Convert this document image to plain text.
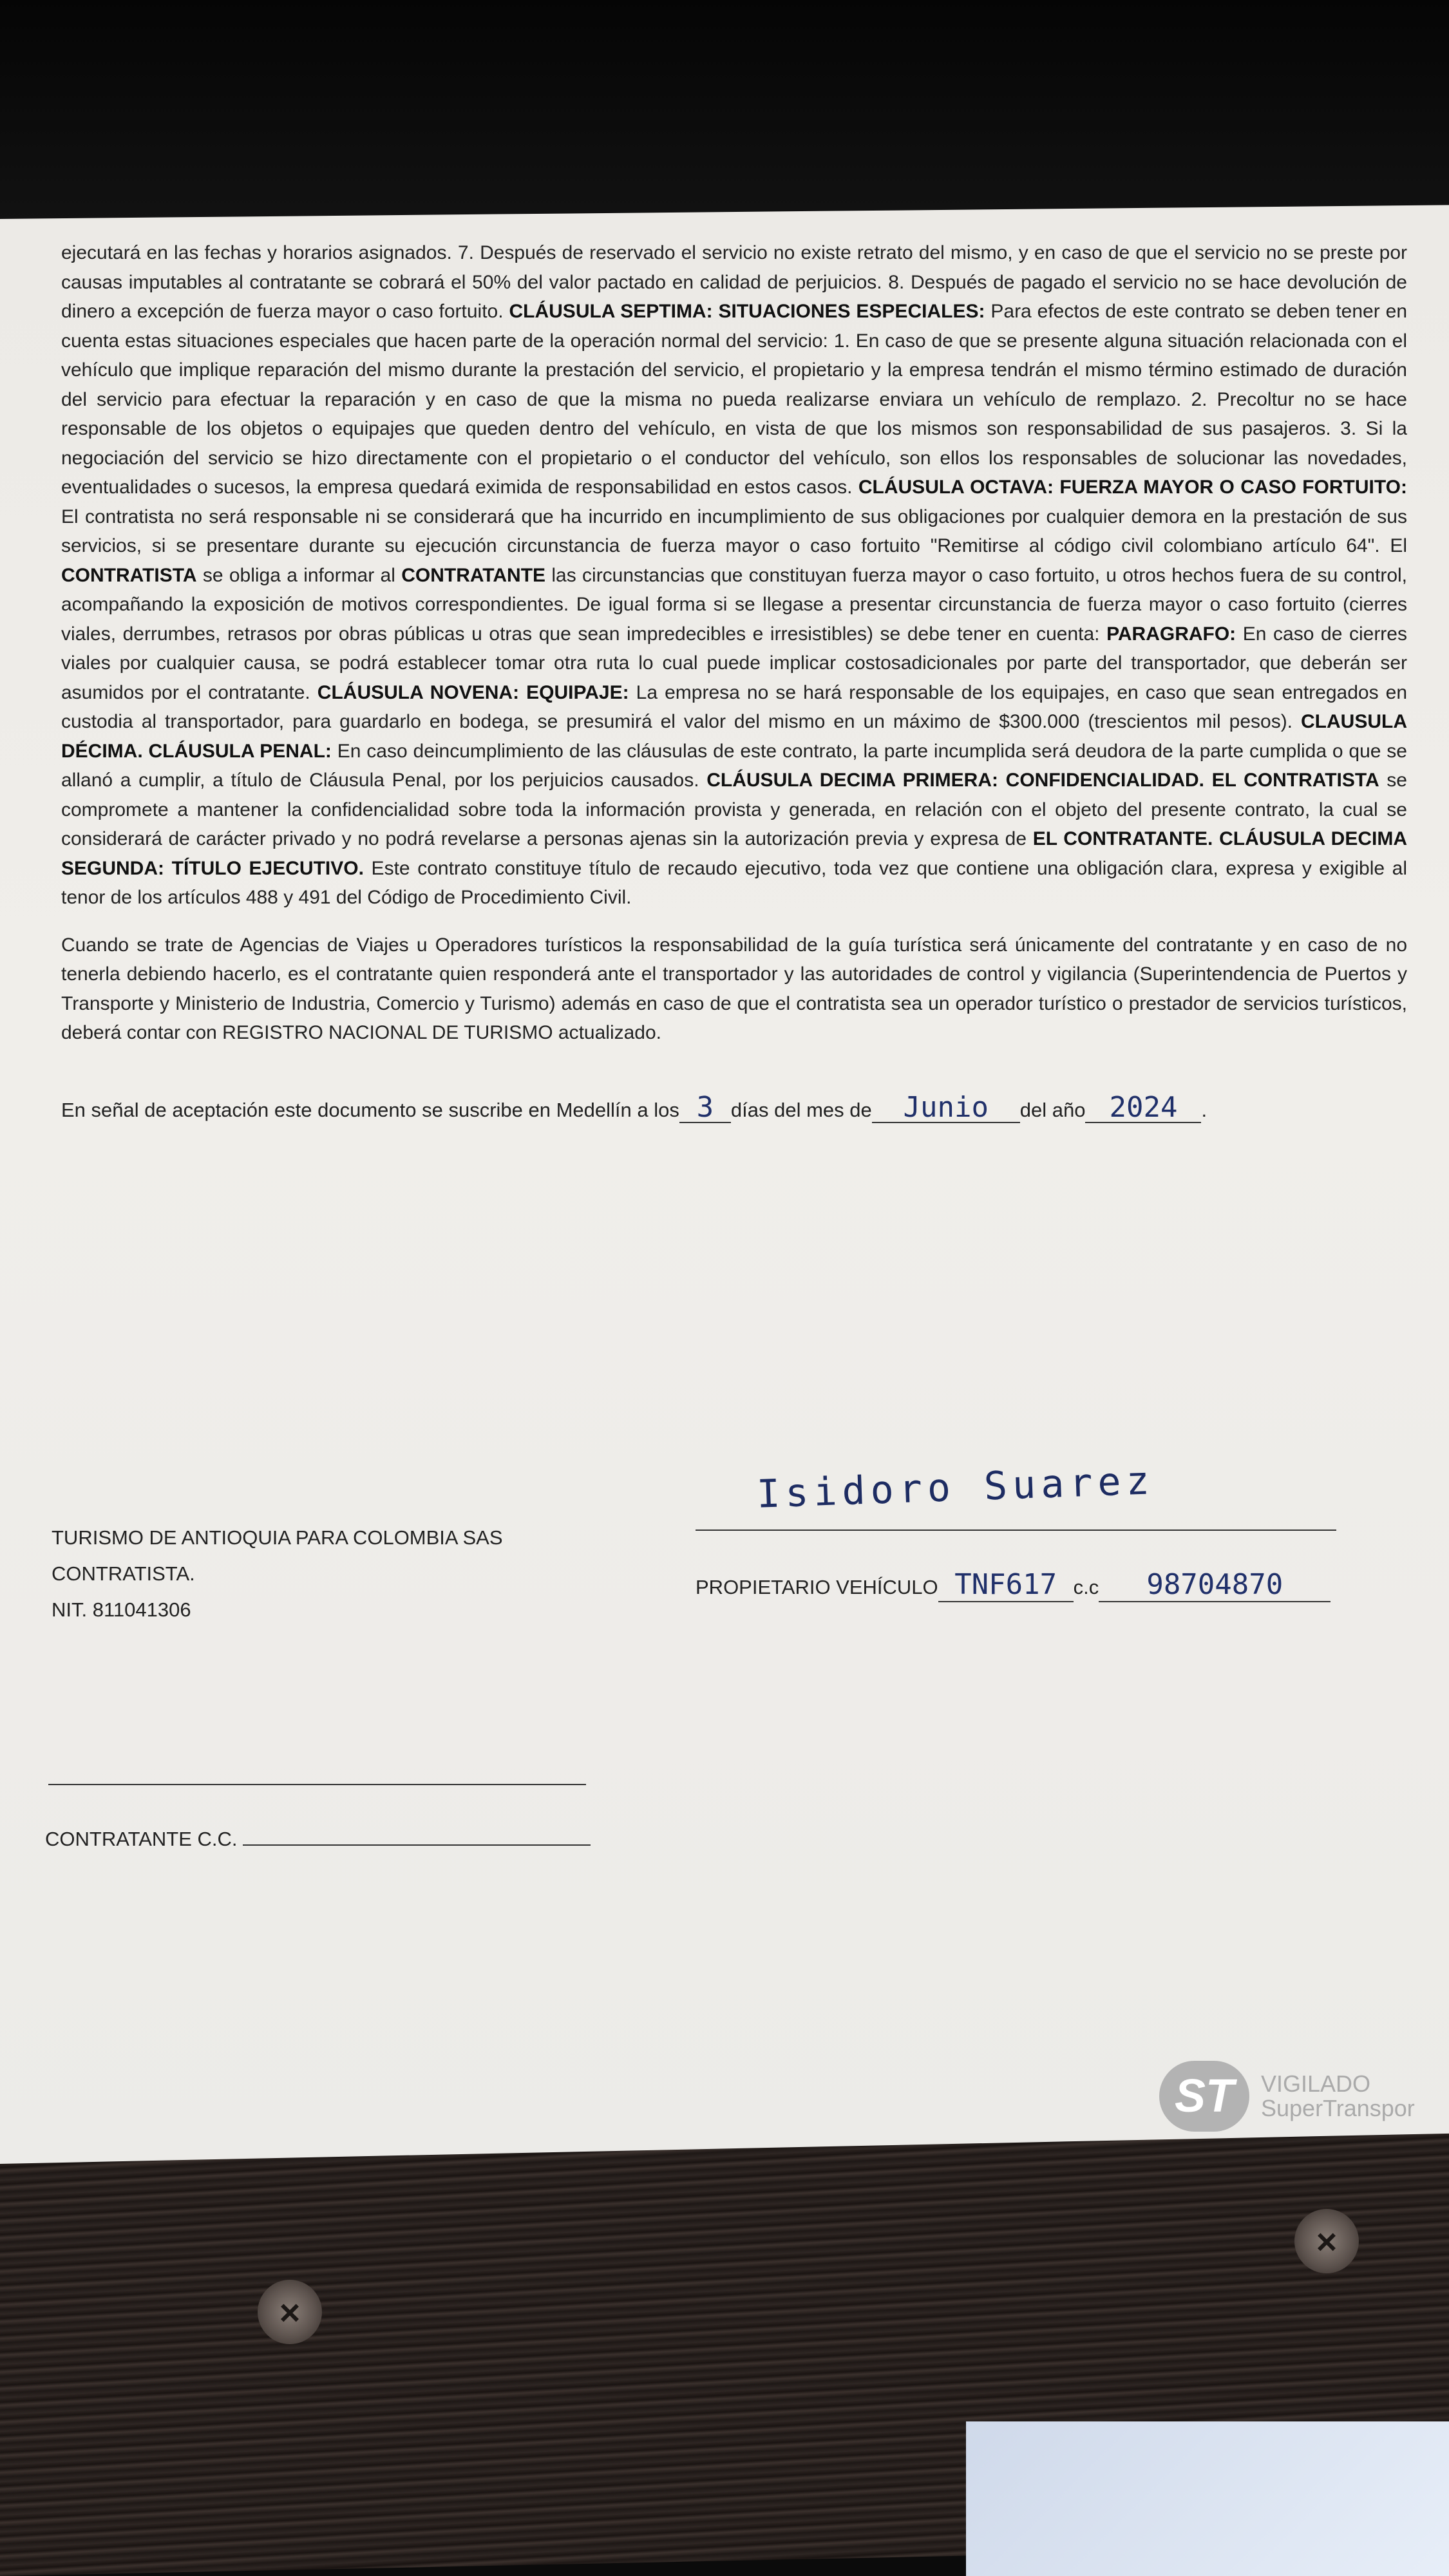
ejecutará en las fechas y horarios asignados. 7. Después de reservado el servicio no existe retrato del mismo, y en caso de que el servicio no se preste por causas imputables al contratante se cobrará el 50% del valor pactado en calidad de perjuicios. 8. Después de pagado el servicio no se hace devolución de dinero a excepción de fuerza mayor o caso fortuito. CLÁUSULA SEPTIMA: SITUACIONES ESPECIALES: Para efectos de este contrato se deben tener en cuenta estas situaciones especiales que hacen parte de la operación normal del servicio: 1. En caso de que se presente alguna situación relacionada con el vehículo que implique reparación del mismo durante la prestación del servicio, el propietario y la empresa tendrán el mismo término estimado de duración del servicio para efectuar la reparación y en caso de que la misma no pueda realizarse enviara un vehículo de remplazo. 2. Precoltur no se hace responsable de los objetos o equipajes que queden dentro del vehículo, en vista de que los mismos son responsabilidad de sus pasajeros. 3. Si la negociación del servicio se hizo directamente con el propietario o el conductor del vehículo, son ellos los responsables de solucionar las novedades, eventualidades o sucesos, la empresa quedará eximida de responsabilidad en estos casos. CLÁUSULA OCTAVA: FUERZA MAYOR O CASO FORTUITO: El contratista no será responsable ni se considerará que ha incurrido en incumplimiento de sus obligaciones por cualquier demora en la prestación de sus servicios, si se presentare durante su ejecución circunstancia de fuerza mayor o caso fortuito "Remitirse al código civil colombiano artículo 64". El CONTRATISTA se obliga a informar al CONTRATANTE las circunstancias que constituyan fuerza mayor o caso fortuito, u otros hechos fuera de su control, acompañando la exposición de motivos correspondientes. De igual forma si se llegase a presentar circunstancia de fuerza mayor o caso fortuito (cierres viales, derrumbes, retrasos por obras públicas u otras que sean impredecibles e irresistibles) se debe tener en cuenta: PARAGRAFO: En caso de cierres viales por cualquier causa, se podrá establecer tomar otra ruta lo cual puede implicar costosadicionales por parte del transportador, que deberán ser asumidos por el contratante. CLÁUSULA NOVENA: EQUIPAJE: La empresa no se hará responsable de los equipajes, en caso que sean entregados en custodia al transportador, para guardarlo en bodega, se presumirá el valor del mismo en un máximo de $300.000 (trescientos mil pesos). CLAUSULA DÉCIMA. CLÁUSULA PENAL: En caso deincumplimiento de las cláusulas de este contrato, la parte incumplida será deudora de la parte cumplida o que se allanó a cumplir, a título de Cláusula Penal, por los perjuicios causados. CLÁUSULA DECIMA PRIMERA: CONFIDENCIALIDAD. EL CONTRATISTA se compromete a mantener la confidencialidad sobre toda la información provista y generada, en relación con el objeto del presente contrato, la cual se considerará de carácter privado y no podrá revelarse a personas ajenas sin la autorización previa y expresa de EL CONTRATANTE. CLÁUSULA DECIMA SEGUNDA: TÍTULO EJECUTIVO. Este contrato constituye título de recaudo ejecutivo, toda vez que contiene una obligación clara, expresa y exigible al tenor de los artículos 488 y 491 del Código de Procedimiento Civil.

Cuando se trate de Agencias de Viajes u Operadores turísticos la responsabilidad de la guía turística será únicamente del contratante y en caso de no tenerla debiendo hacerlo, es el contratante quien responderá ante el transportador y las autoridades de control y vigilancia (Superintendencia de Puertos y Transporte y Ministerio de Industria, Comercio y Turismo) además en caso de que el contratista sea un operador turístico o prestador de servicios turísticos, deberá contar con REGISTRO NACIONAL DE TURISMO actualizado.

En señal de aceptación este documento se suscribe en Medellín a los 3 días del mes de Junio del año 2024 .

Isidoro Suarez
TURISMO DE ANTIOQUIA PARA COLOMBIA SAS
CONTRATISTA.
NIT. 811041306
PROPIETARIO VEHÍCULO TNF617 c.c 98704870
CONTRATANTE C.C.
ST	VIGILADO
SuperTranspor
×
×
